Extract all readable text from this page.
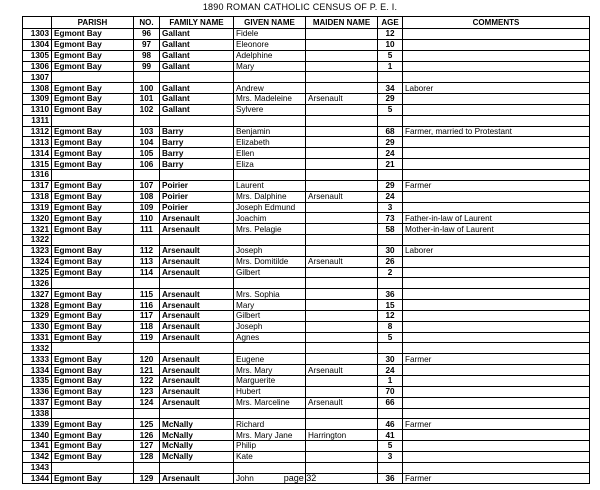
1890 ROMAN CATHOLIC CENSUS OF P. E. I.
	PARISH	NO.	FAMILY NAME	GIVEN NAME	MAIDEN NAME	AGE	COMMENTS
1303	Egmont Bay	96	Gallant	Fidele		12	
1304	Egmont Bay	97	Gallant	Eleonore		10	
1305	Egmont Bay	98	Gallant	Adelphine		5	
1306	Egmont Bay	99	Gallant	Mary		1	
1307							
1308	Egmont Bay	100	Gallant	Andrew		34	Laborer
1309	Egmont Bay	101	Gallant	Mrs. Madeleine	Arsenault	29	
1310	Egmont Bay	102	Gallant	Sylvere		5	
1311							
1312	Egmont Bay	103	Barry	Benjamin		68	Farmer, married to Protestant
1313	Egmont Bay	104	Barry	Elizabeth		29	
1314	Egmont Bay	105	Barry	Ellen		24	
1315	Egmont Bay	106	Barry	Eliza		21	
1316							
1317	Egmont Bay	107	Poirier	Laurent		29	Farmer
1318	Egmont Bay	108	Poirier	Mrs. Dalphine	Arsenault	24	
1319	Egmont Bay	109	Poirier	Joseph Edmund		3	
1320	Egmont Bay	110	Arsenault	Joachim		73	Father-in-law of Laurent
1321	Egmont Bay	111	Arsenault	Mrs. Pelagie		58	Mother-in-law of Laurent
1322							
1323	Egmont Bay	112	Arsenault	Joseph		30	Laborer
1324	Egmont Bay	113	Arsenault	Mrs. Domitilde	Arsenault	26	
1325	Egmont Bay	114	Arsenault	Gilbert		2	
1326							
1327	Egmont Bay	115	Arsenault	Mrs. Sophia		36	
1328	Egmont Bay	116	Arsenault	Mary		15	
1329	Egmont Bay	117	Arsenault	Gilbert		12	
1330	Egmont Bay	118	Arsenault	Joseph		8	
1331	Egmont Bay	119	Arsenault	Agnes		5	
1332							
1333	Egmont Bay	120	Arsenault	Eugene		30	Farmer
1334	Egmont Bay	121	Arsenault	Mrs. Mary	Arsenault	24	
1335	Egmont Bay	122	Arsenault	Marguerite		1	
1336	Egmont Bay	123	Arsenault	Hubert		70	
1337	Egmont Bay	124	Arsenault	Mrs. Marceline	Arsenault	66	
1338							
1339	Egmont Bay	125	McNally	Richard		46	Farmer
1340	Egmont Bay	126	McNally	Mrs. Mary Jane	Harrington	41	
1341	Egmont Bay	127	McNally	Philip		5	
1342	Egmont Bay	128	McNally	Kate		3	
1343							
1344	Egmont Bay	129	Arsenault	John		36	Farmer
page 32
